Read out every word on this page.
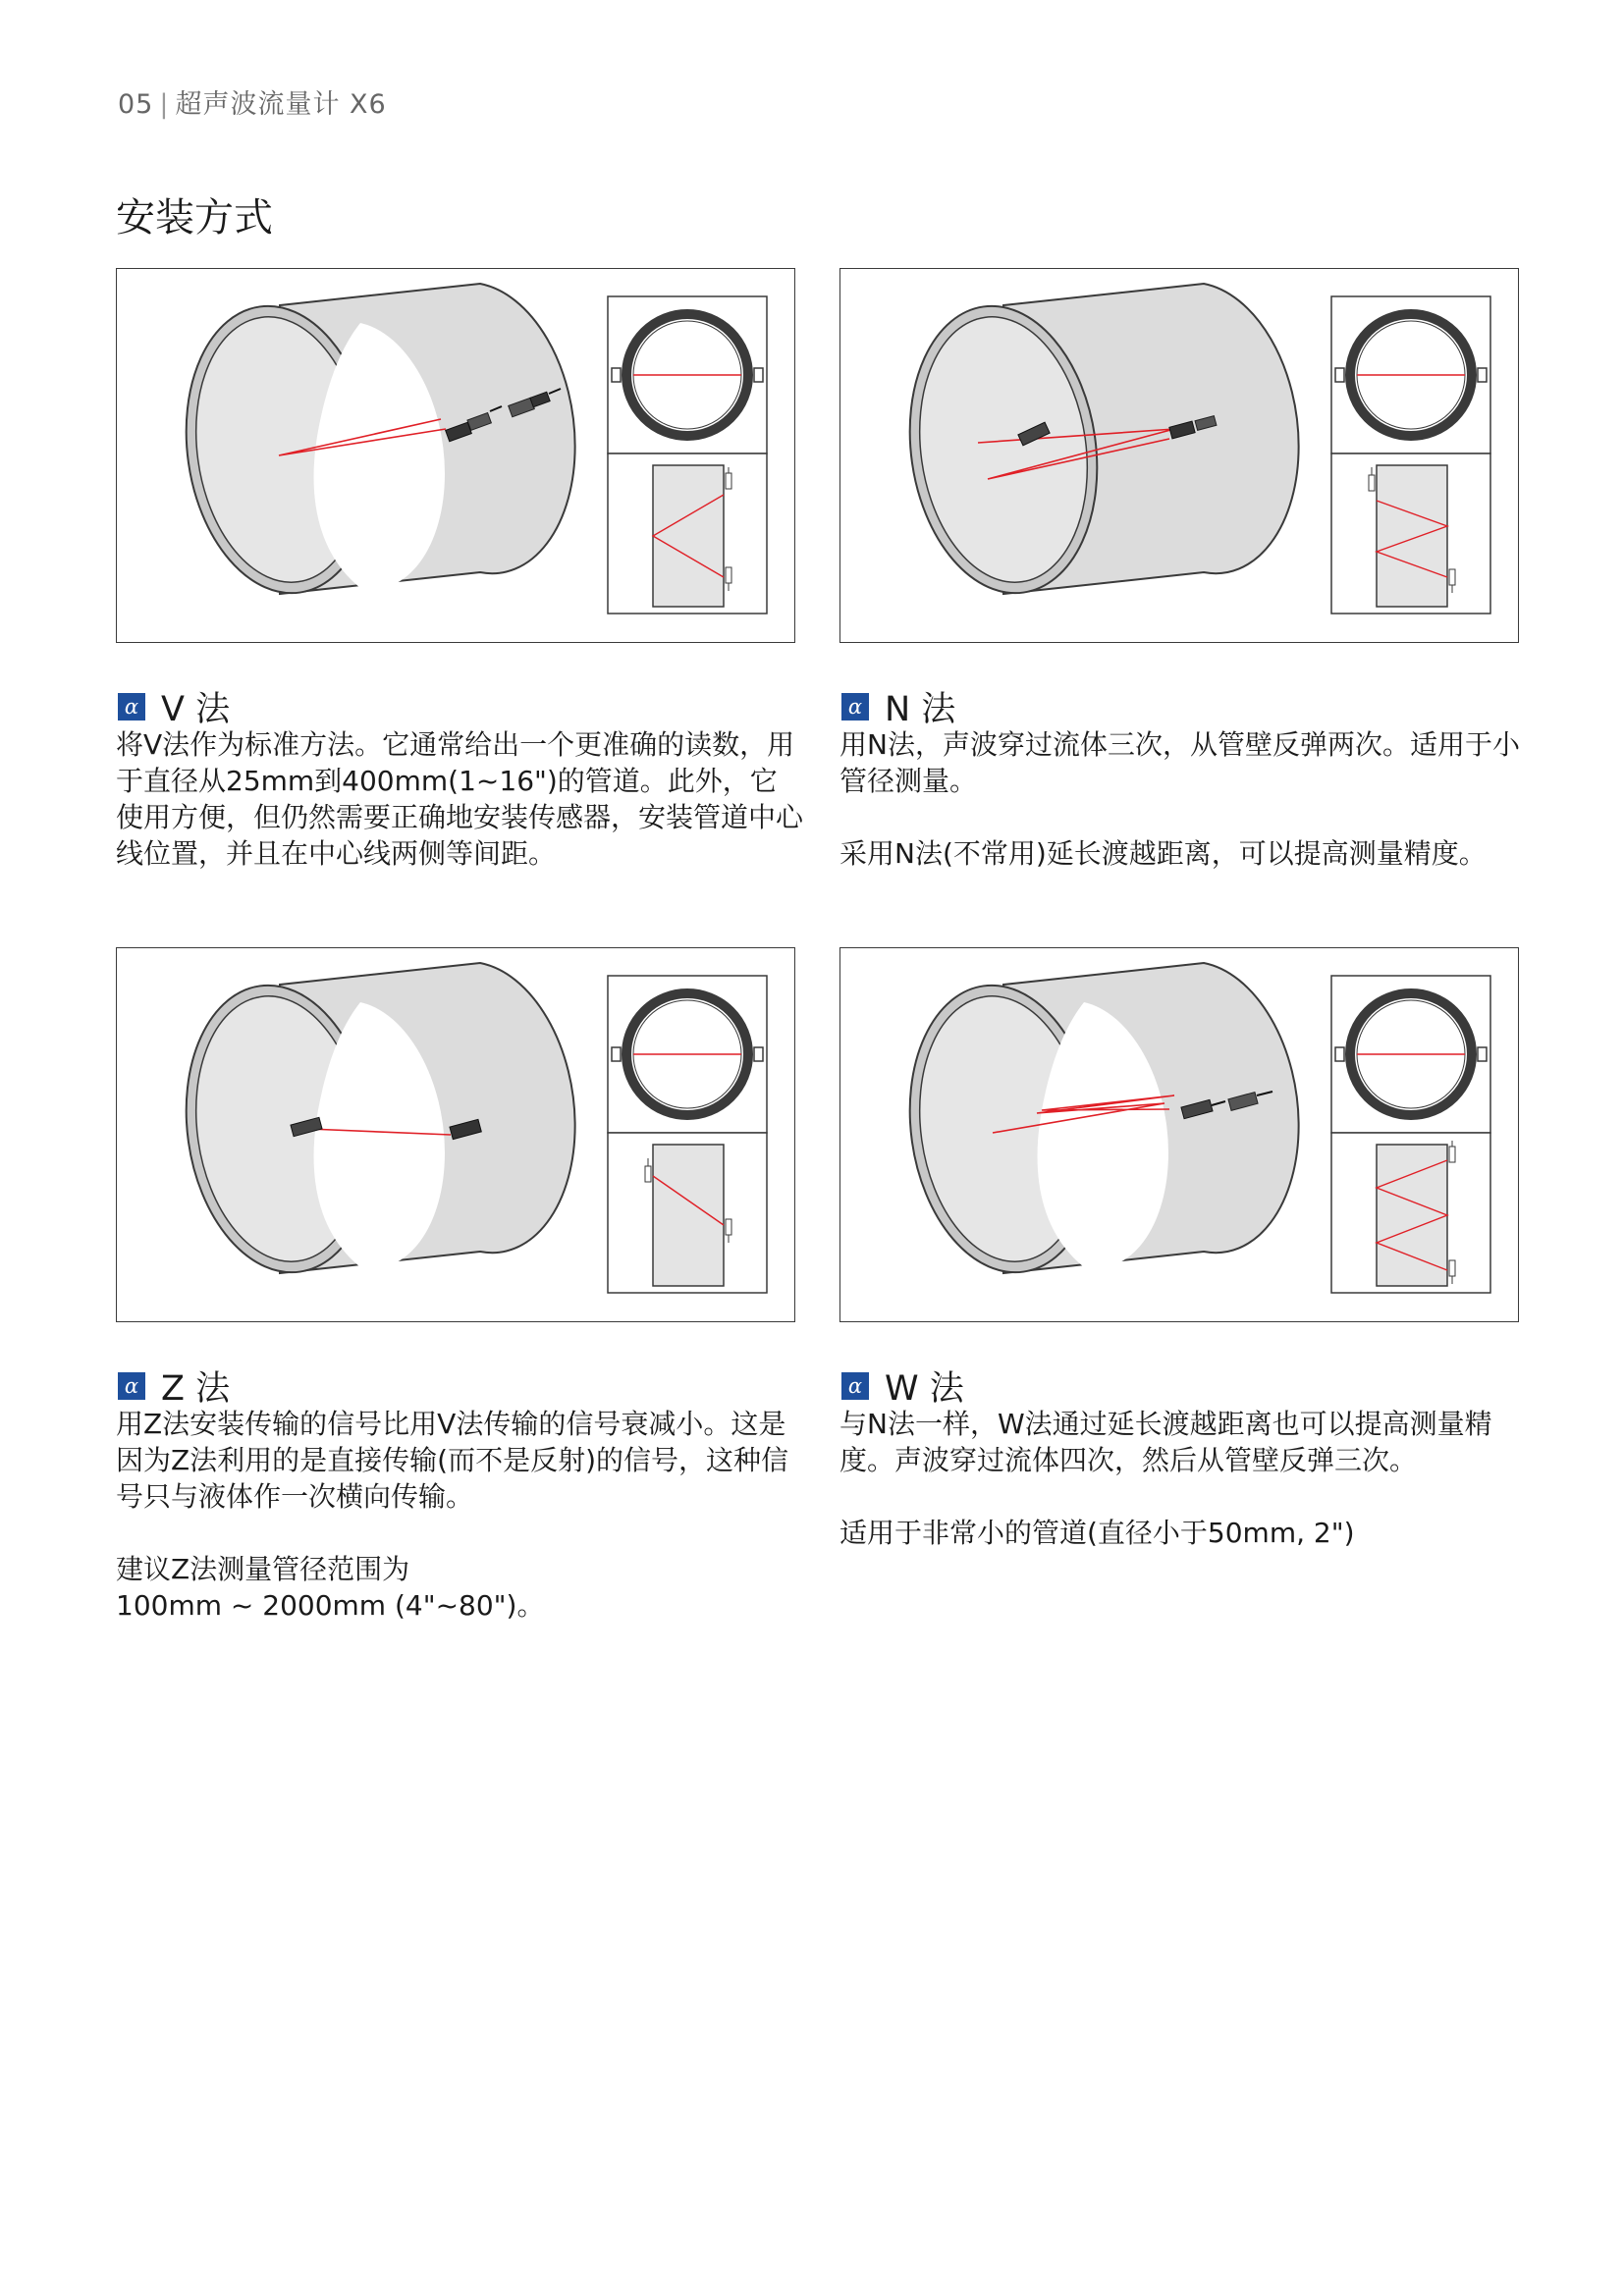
05 | 超声波流量计 X6
安装方式
α V 法

将V法作为标准方法。它通常给出一个更准确的读数，用于直径从25mm到400mm(1~16")的管道。此外，它使用方便，但仍然需要正确地安装传感器，安装管道中心线位置，并且在中心线两侧等间距。

α N 法

用N法，声波穿过流体三次，从管壁反弹两次。适用于小管径测量。

采用N法(不常用)延长渡越距离，可以提高测量精度。

α Z 法

用Z法安装传输的信号比用V法传输的信号衰减小。这是因为Z法利用的是直接传输(而不是反射)的信号，这种信号只与液体作一次横向传输。

建议Z法测量管径范围为
100mm ~ 2000mm (4"~80")。

α W 法

与N法一样，W法通过延长渡越距离也可以提高测量精度。声波穿过流体四次，然后从管壁反弹三次。

适用于非常小的管道(直径小于50mm, 2")
